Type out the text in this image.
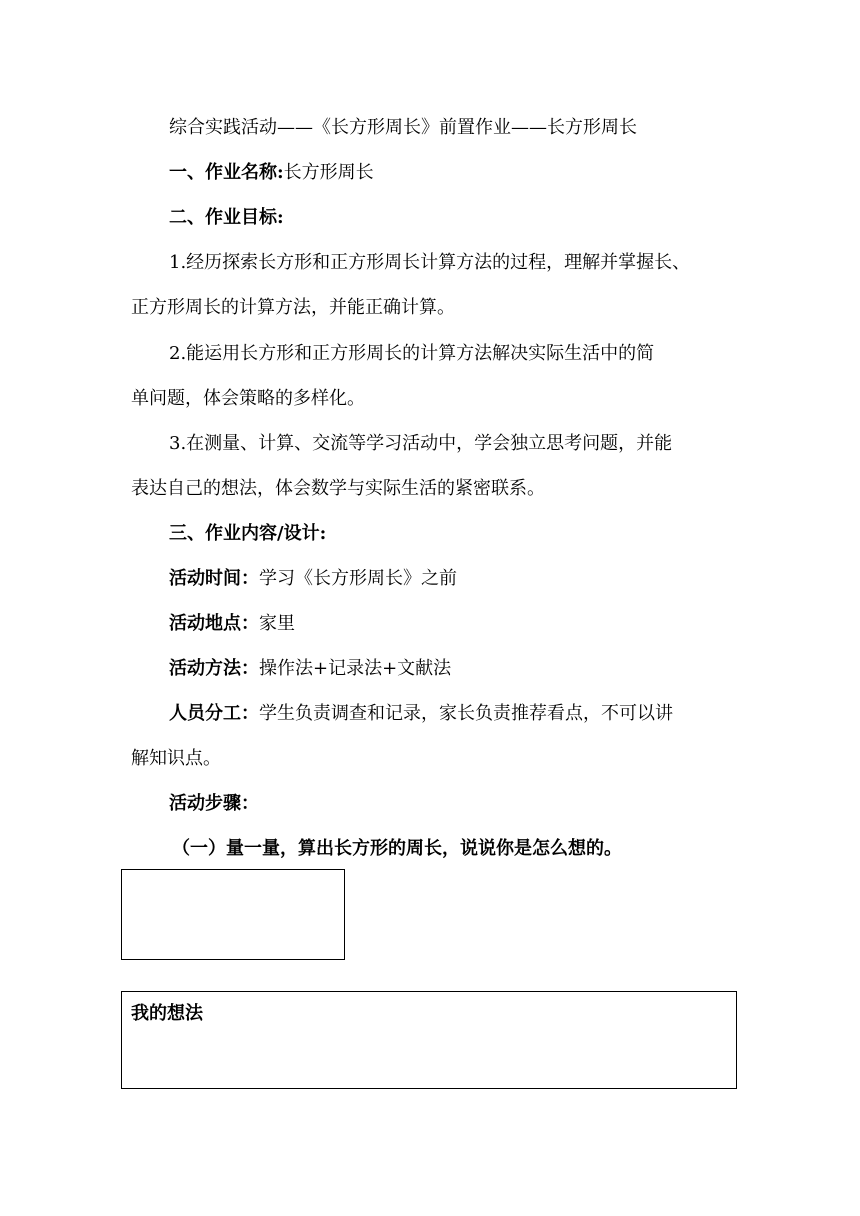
综合实践活动——《长方形周长》前置作业——长方形周长
一、作业名称:长方形周长
二、作业目标:
1.经历探索长方形和正方形周长计算方法的过程，理解并掌握长、
正方形周长的计算方法，并能正确计算。
2.能运用长方形和正方形周长的计算方法解决实际生活中的简
单问题，体会策略的多样化。
3.在测量、计算、交流等学习活动中，学会独立思考问题，并能
表达自己的想法，体会数学与实际生活的紧密联系。
三、作业内容/设计:
活动时间：学习《长方形周长》之前
活动地点：家里
活动方法：操作法+记录法+文献法
人员分工：学生负责调查和记录，家长负责推荐看点，不可以讲
解知识点。
活动步骤：
（一）量一量，算出长方形的周长，说说你是怎么想的。
我的想法
